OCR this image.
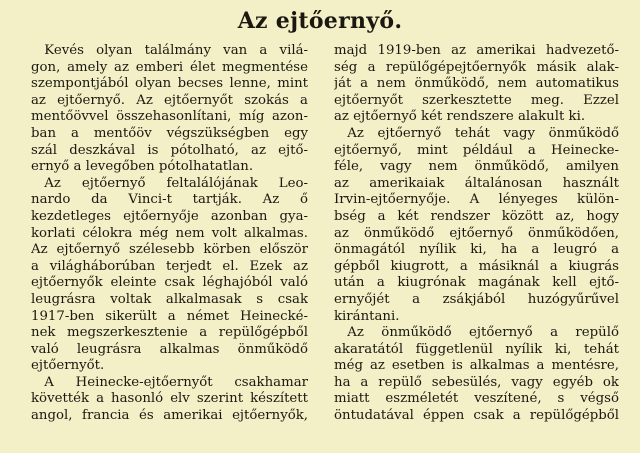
Az ejtőernyő.
 Kevés olyan találmány van a vilá-
gon, amely az emberi élet megmentése
szempontjából olyan becses lenne, mint
az ejtőernyő. Az ejtőernyőt szokás a
mentőövvel összehasonlítani, míg azon-
ban a mentőöv végszükségben egy
szál deszkával is pótolható, az ejtő-
ernyő a levegőben pótolhatatlan.
 Az ejtőernyő feltalálójának Leo-
nardo da Vinci-t tartják. Az ő
kezdetleges ejtőernyője azonban gya-
korlati célokra még nem volt alkalmas.
Az ejtőernyő szélesebb körben először
a világháborúban terjedt el. Ezek az
ejtőernyők eleinte csak léghajóból való
leugrásra voltak alkalmasak s csak
1917-ben sikerült a német Heinecké-
nek megszerkesztenie a repülőgépből
való leugrásra alkalmas önműködő
ejtőernyőt.
 A Heinecke-ejtőernyőt csakhamar
követték a hasonló elv szerint készített
angol, francia és amerikai ejtőernyők,
majd 1919-ben az amerikai hadvezető-
ség a repülőgépejtőernyők másik alak-
ját a nem önműködő, nem automatikus
ejtőernyőt szerkesztette meg. Ezzel
az ejtőernyő két rendszere alakult ki.
 Az ejtőernyő tehát vagy önműködő
ejtőernyő, mint például a Heinecke-
féle, vagy nem önműködő, amilyen
az amerikaiak általánosan használt
Irvin-ejtőernyője. A lényeges külön-
bség a két rendszer között az, hogy
az önműködő ejtőernyő önműködően,
önmagától nyílik ki, ha a leugró a
gépből kiugrott, a másiknál a kiugrás
után a kiugrónak magának kell ejtő-
ernyőjét a zsákjából huzógyűrűvel
kirántani.
 Az önműködő ejtőernyő a repülő
akaratától függetlenül nyílik ki, tehát
még az esetben is alkalmas a mentésre,
ha a repülő sebesülés, vagy egyéb ok
miatt eszméletét veszítené, s végső
öntudatával éppen csak a repülőgépből
